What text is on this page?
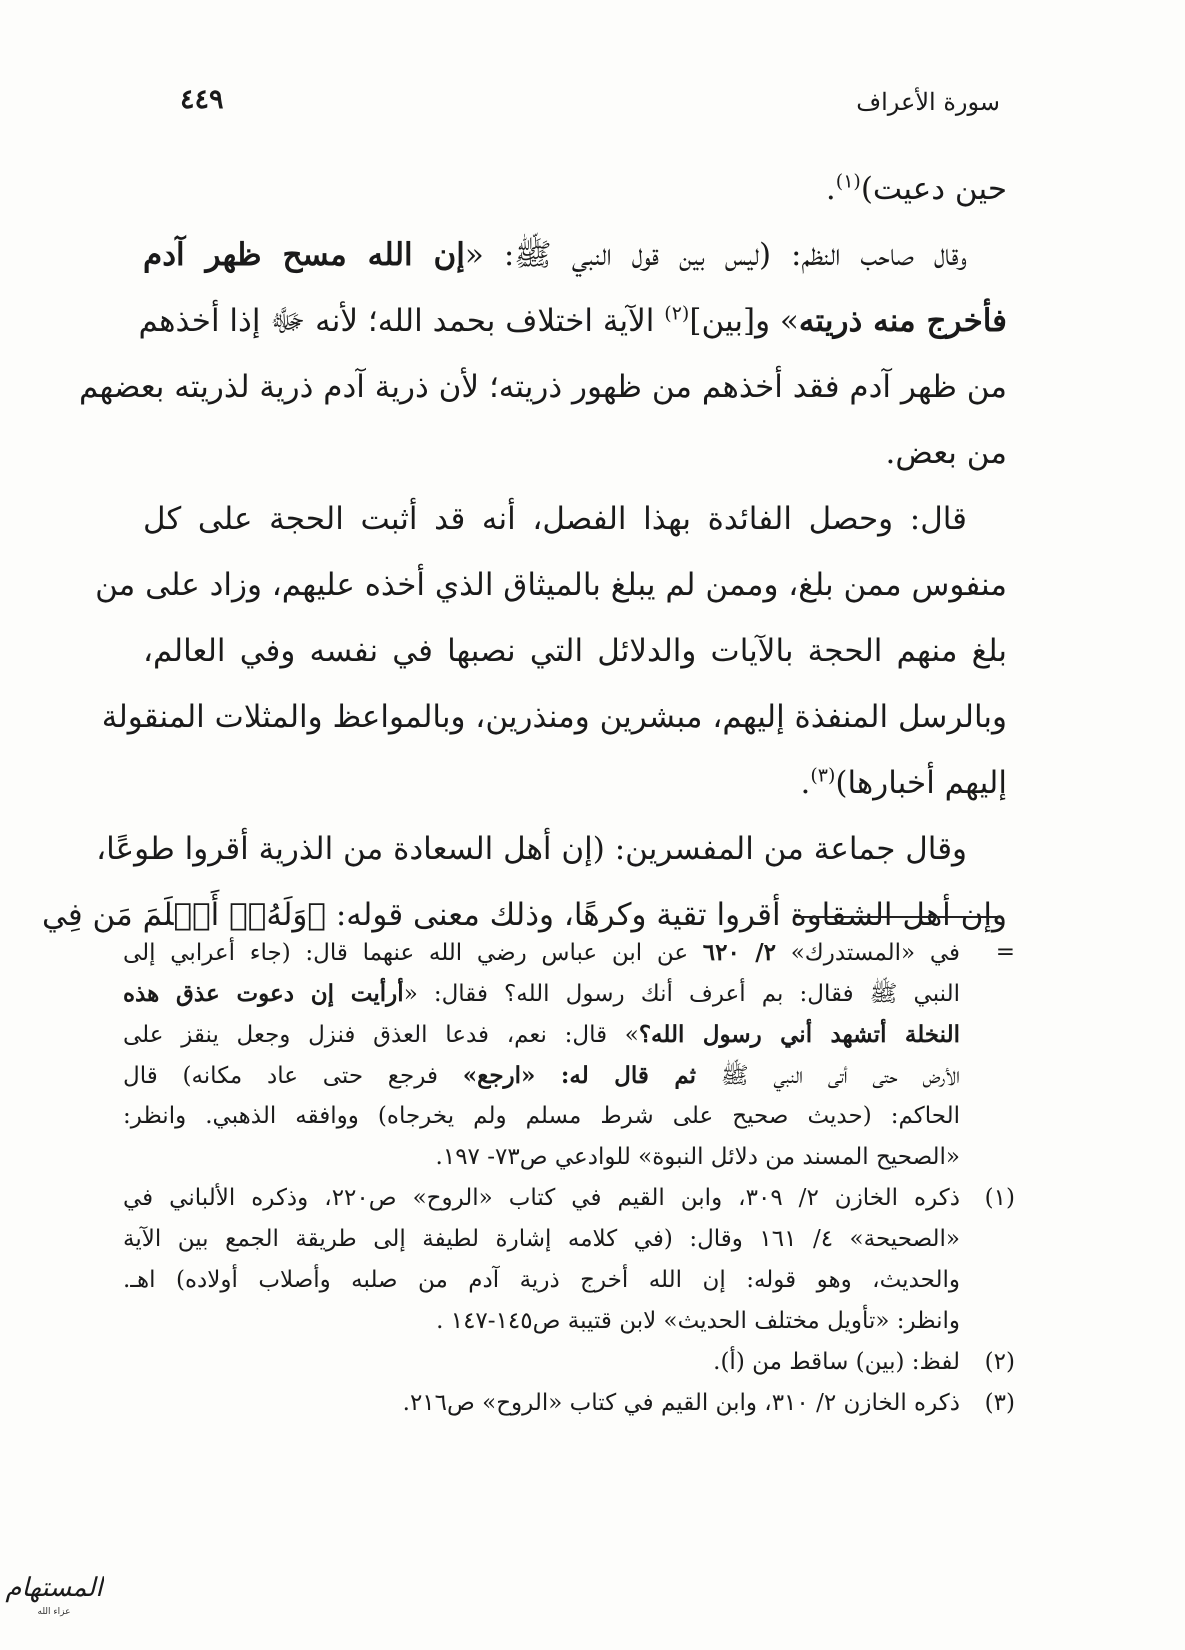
سورة الأعراف
٤٤٩
حين دعيت)$^{(١)}$.
وقال صاحب النظم: (ليس بين قول النبي ﷺ: «إن الله مسح ظهر آدم
فأخرج منه ذريته» و[بين]$^{(٢)}$ الآية اختلاف بحمد الله؛ لأنه ﷻ إذا أخذهم
من ظهر آدم فقد أخذهم من ظهور ذريته؛ لأن ذرية آدم ذرية لذريته بعضهم
من بعض.
قال: وحصل الفائدة بهذا الفصل، أنه قد أثبت الحجة على كل
منفوس ممن بلغ، وممن لم يبلغ بالميثاق الذي أخذه عليهم، وزاد على من
بلغ منهم الحجة بالآيات والدلائل التي نصبها في نفسه وفي العالم،
وبالرسل المنفذة إليهم، مبشرين ومنذرين، وبالمواعظ والمثلات المنقولة
إليهم أخبارها)$^{(٣)}$.
وقال جماعة من المفسرين: (إن أهل السعادة من الذرية أقروا طوعًا،
وإن أهل الشقاوة أقروا تقية وكرهًا، وذلك معنى قوله: ﴿وَلَهُۥٓ أَسۡلَمَ مَن فِي
=
في «المستدرك» ٢/ ٦٢٠ عن ابن عباس رضي الله عنهما قال: (جاء أعرابي إلى
النبي ﷺ فقال: بم أعرف أنك رسول الله؟ فقال: «أرأيت إن دعوت عذق هذه
النخلة أتشهد أني رسول الله؟» قال: نعم، فدعا العذق فنزل وجعل ينقز على
الأرض حتى أتى النبي ﷺ ثم قال له: «ارجع» فرجع حتى عاد مكانه) قال
الحاكم: (حديث صحيح على شرط مسلم ولم يخرجاه) ووافقه الذهبي. وانظر:
«الصحيح المسند من دلائل النبوة» للوادعي ص٧٣- ١٩٧.
(١)
ذكره الخازن ٢/ ٣٠٩، وابن القيم في كتاب «الروح» ص٢٢٠، وذكره الألباني في
«الصحيحة» ٤/ ١٦١ وقال: (في كلامه إشارة لطيفة إلى طريقة الجمع بين الآية
والحديث، وهو قوله: إن الله أخرج ذرية آدم من صلبه وأصلاب أولاده) اهـ.
وانظر: «تأويل مختلف الحديث» لابن قتيبة ص١٤٥-١٤٧ .
(٢)
لفظ: (بين) ساقط من (أ).
(٣)
ذكره الخازن ٢/ ٣١٠، وابن القيم في كتاب «الروح» ص٢١٦.
المستهام
عزاء الله
